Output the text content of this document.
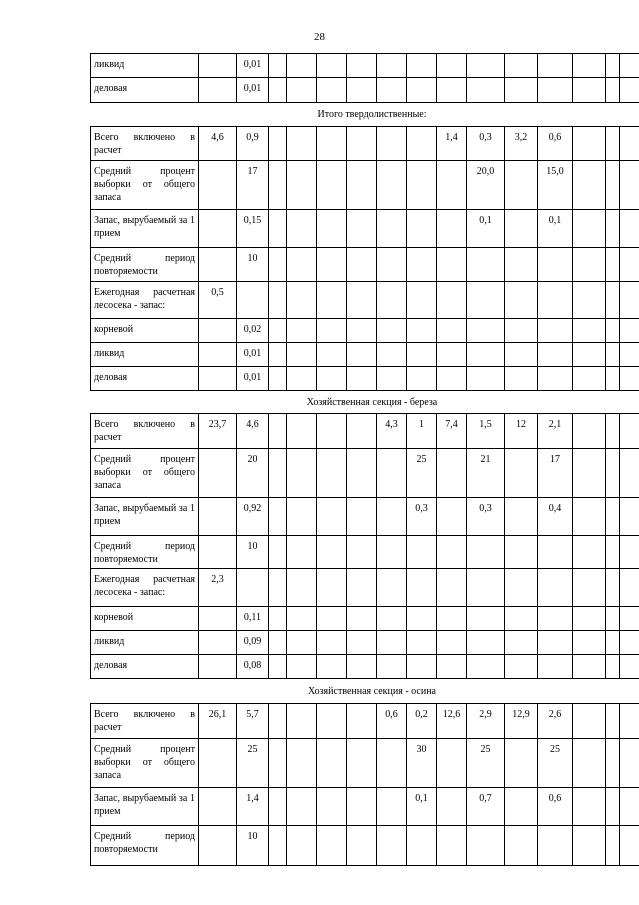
28
ликвид		0,01													
деловая		0,01													
Итого твердолиственные:															
Всего включено в расчет	4,6	0,9							1,4	0,3	3,2	0,6			
Средний процент выборки от общего запаса		17								20,0		15,0			
Запас, вырубаемый за 1 прием		0,15								0,1		0,1			
Средний период повторяемости		10													
Ежегодная расчетная лесосека - запас:	0,5														
корневой		0,02													
ликвид		0,01													
деловая		0,01													
Хозяйственная секция - береза															
Всего включено в расчет	23,7	4,6					4,3	1	7,4	1,5	12	2,1			
Средний процент выборки от общего запаса		20						25		21		17			
Запас, вырубаемый за 1 прием		0,92						0,3		0,3		0,4			
Средний период повторяемости		10													
Ежегодная расчетная лесосека - запас:	2,3														
корневой		0,11													
ликвид		0,09													
деловая		0,08													
Хозяйственная секция - осина															
Всего включено в расчет	26,1	5,7					0,6	0,2	12,6	2,9	12,9	2,6			
Средний процент выборки от общего запаса		25						30		25		25			
Запас, вырубаемый за 1 прием		1,4						0,1		0,7		0,6			
Средний период повторяемости		10													
